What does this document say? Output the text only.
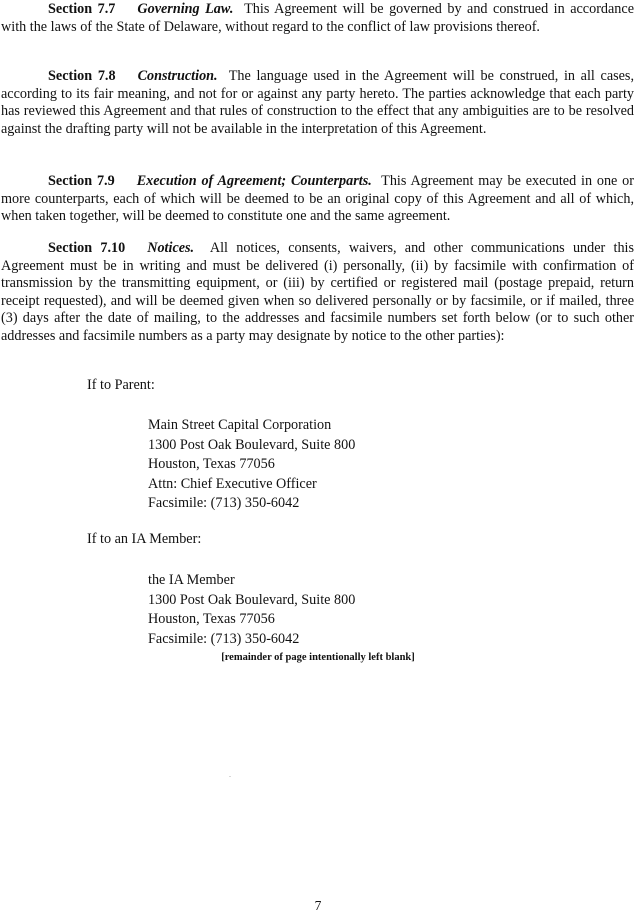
Section 7.7 Governing Law. This Agreement will be governed by and construed in accordance with the laws of the State of Delaware, without regard to the conflict of law provisions thereof.

Section 7.8 Construction. The language used in the Agreement will be construed, in all cases, according to its fair meaning, and not for or against any party hereto. The parties acknowledge that each party has reviewed this Agreement and that rules of construction to the effect that any ambiguities are to be resolved against the drafting party will not be available in the interpretation of this Agreement.

Section 7.9 Execution of Agreement; Counterparts. This Agreement may be executed in one or more counterparts, each of which will be deemed to be an original copy of this Agreement and all of which, when taken together, will be deemed to constitute one and the same agreement.

Section 7.10 Notices. All notices, consents, waivers, and other communications under this Agreement must be in writing and must be delivered (i) personally, (ii) by facsimile with confirmation of transmission by the transmitting equipment, or (iii) by certified or registered mail (postage prepaid, return receipt requested), and will be deemed given when so delivered personally or by facsimile, or if mailed, three (3) days after the date of mailing, to the addresses and facsimile numbers set forth below (or to such other addresses and facsimile numbers as a party may designate by notice to the other parties):

If to Parent:

Main Street Capital Corporation
1300 Post Oak Boulevard, Suite 800
Houston, Texas 77056
Attn: Chief Executive Officer
Facsimile: (713) 350-6042

If to an IA Member:

the IA Member
1300 Post Oak Boulevard, Suite 800
Houston, Texas 77056
Facsimile: (713) 350-6042

[remainder of page intentionally left blank]

7
